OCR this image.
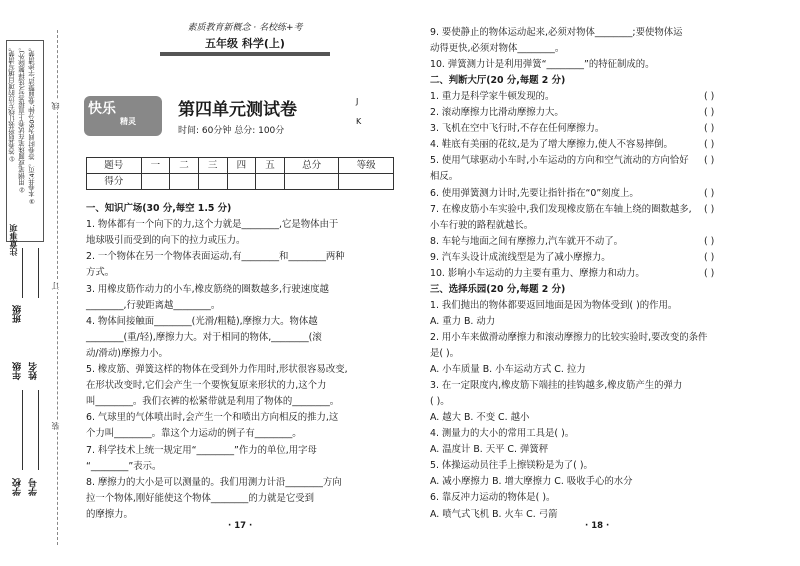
①答卷前将装订线左边的项目填写清楚。 ②用钢笔或圆珠笔在试卷上直接答写(选择题除外)。 ③本卷共4页。答卷时间为60分钟,卷面整洁,字迹清楚。
注意事项
线
订
装
年级
班级
姓名
学校 学号
素质教育新概念 · 名校练+考
五年级 科学(上)
快乐
精灵
第四单元测试卷
时间: 60分钟 总分: 100分
J
K
题号	一	二	三	四	五	总分	等级
得分							
一、知识广场(30 分,每空 1.5 分)
1. 物体都有一个向下的力,这个力就是________,它是物体由于
地球吸引而受到的向下的拉力或压力。
2. 一个物体在另一个物体表面运动,有________和________两种
方式。
3. 用橡皮筋作动力的小车,橡皮筋绕的圈数越多,行驶速度越
________,行驶距离越________。
4. 物体间接触面________(光滑/粗糙),摩擦力大。物体越
________(重/轻),摩擦力大。对于相同的物体,________(滚
动/滑动)摩擦力小。
5. 橡皮筋、弹簧这样的物体在受到外力作用时,形状很容易改变,
在形状改变时,它们会产生一个要恢复原来形状的力,这个力
叫________。我们衣裤的松紧带就是利用了物体的________。
6. 气球里的气体喷出时,会产生一个和喷出方向相反的推力,这
个力叫________。靠这个力运动的例子有________。
7. 科学技术上统一规定用“________”作力的单位,用字母
“________”表示。
8. 摩擦力的大小是可以测量的。我们用测力计沿________方向
拉一个物体,刚好能使这个物体________的力就是它受到
的摩擦力。
9. 要使静止的物体运动起来,必须对物体________;要使物体运
动得更快,必须对物体________。
10. 弹簧测力计是利用弹簧“________”的特征制成的。
二、判断大厅(20 分,每题 2 分)
1. 重力是科学家牛顿发现的。	( )
2. 滚动摩擦力比滑动摩擦力大。	( )
3. 飞机在空中飞行时,不存在任何摩擦力。	( )
4. 鞋底有美丽的花纹,是为了增大摩擦力,使人不容易摔倒。	( )
5. 使用气球驱动小车时,小车运动的方向和空气流动的方向恰好 ( )
相反。
6. 使用弹簧测力计时,先要让指针指在“0”刻度上。	( )
7. 在橡皮筋小车实验中,我们发现橡皮筋在车轴上绕的圈数越多, ( )
小车行驶的路程就越长。
8. 车轮与地面之间有摩擦力,汽车就开不动了。	( )
9. 汽车头设计成流线型是为了减小摩擦力。	( )
10. 影响小车运动的力主要有重力、摩擦力和动力。	( )
三、选择乐园(20 分,每题 2 分)
1. 我们抛出的物体都要返回地面是因为物体受到( )的作用。
A. 重力 B. 动力
2. 用小车来做滑动摩擦力和滚动摩擦力的比较实验时,要改变的条件
是( )。
A. 小车质量 B. 小车运动方式 C. 拉力
3. 在一定限度内,橡皮筋下端挂的挂钩越多,橡皮筋产生的弹力
( )。
A. 越大 B. 不变 C. 越小
4. 测量力的大小的常用工具是( )。
A. 温度计 B. 天平 C. 弹簧秤
5. 体操运动员往手上擦镁粉是为了( )。
A. 减小摩擦力 B. 增大摩擦力 C. 吸收手心的水分
6. 靠反冲力运动的物体是( )。
A. 喷气式飞机 B. 火车 C. 弓箭
· 17 ·	· 18 ·
